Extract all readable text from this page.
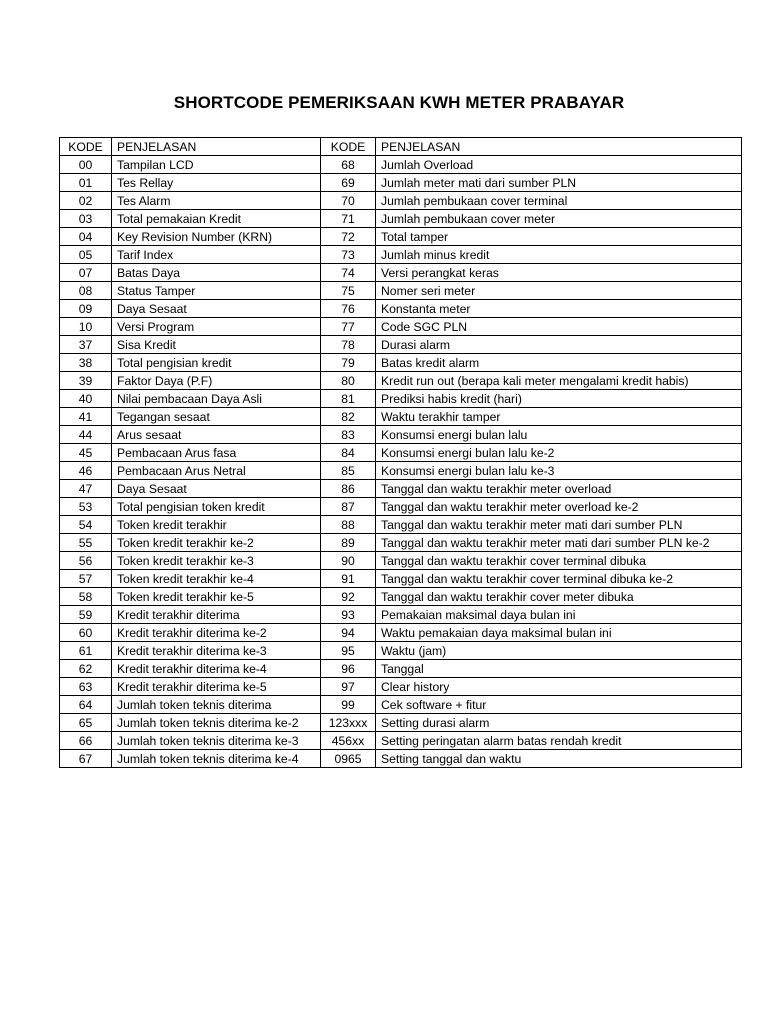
SHORTCODE PEMERIKSAAN KWH METER PRABAYAR
KODE	PENJELASAN	KODE	PENJELASAN
00	Tampilan LCD	68	Jumlah Overload
01	Tes Rellay	69	Jumlah meter mati dari sumber PLN
02	Tes Alarm	70	Jumlah pembukaan cover terminal
03	Total pemakaian Kredit	71	Jumlah pembukaan cover meter
04	Key Revision Number (KRN)	72	Total tamper
05	Tarif Index	73	Jumlah minus kredit
07	Batas Daya	74	Versi perangkat keras
08	Status Tamper	75	Nomer seri meter
09	Daya Sesaat	76	Konstanta meter
10	Versi Program	77	Code SGC PLN
37	Sisa Kredit	78	Durasi alarm
38	Total pengisian kredit	79	Batas kredit alarm
39	Faktor Daya (P.F)	80	Kredit run out (berapa kali meter mengalami kredit habis)
40	Nilai pembacaan Daya Asli	81	Prediksi habis kredit (hari)
41	Tegangan sesaat	82	Waktu terakhir tamper
44	Arus sesaat	83	Konsumsi energi bulan lalu
45	Pembacaan Arus fasa	84	Konsumsi energi bulan lalu ke-2
46	Pembacaan Arus Netral	85	Konsumsi energi bulan lalu ke-3
47	Daya Sesaat	86	Tanggal dan waktu terakhir meter overload
53	Total pengisian token kredit	87	Tanggal dan waktu terakhir meter overload ke-2
54	Token kredit terakhir	88	Tanggal dan waktu terakhir meter mati dari sumber PLN
55	Token kredit terakhir ke-2	89	Tanggal dan waktu terakhir meter mati dari sumber PLN ke-2
56	Token kredit terakhir ke-3	90	Tanggal dan waktu terakhir cover terminal dibuka
57	Token kredit terakhir ke-4	91	Tanggal dan waktu terakhir cover terminal dibuka ke-2
58	Token kredit terakhir ke-5	92	Tanggal dan waktu terakhir cover meter dibuka
59	Kredit terakhir diterima	93	Pemakaian maksimal daya bulan ini
60	Kredit terakhir diterima ke-2	94	Waktu pemakaian daya maksimal bulan ini
61	Kredit terakhir diterima ke-3	95	Waktu (jam)
62	Kredit terakhir diterima ke-4	96	Tanggal
63	Kredit terakhir diterima ke-5	97	Clear history
64	Jumlah token teknis diterima	99	Cek software + fitur
65	Jumlah token teknis diterima ke-2	123xxx	Setting durasi alarm
66	Jumlah token teknis diterima ke-3	456xx	Setting peringatan alarm batas rendah kredit
67	Jumlah token teknis diterima ke-4	0965	Setting tanggal dan waktu
